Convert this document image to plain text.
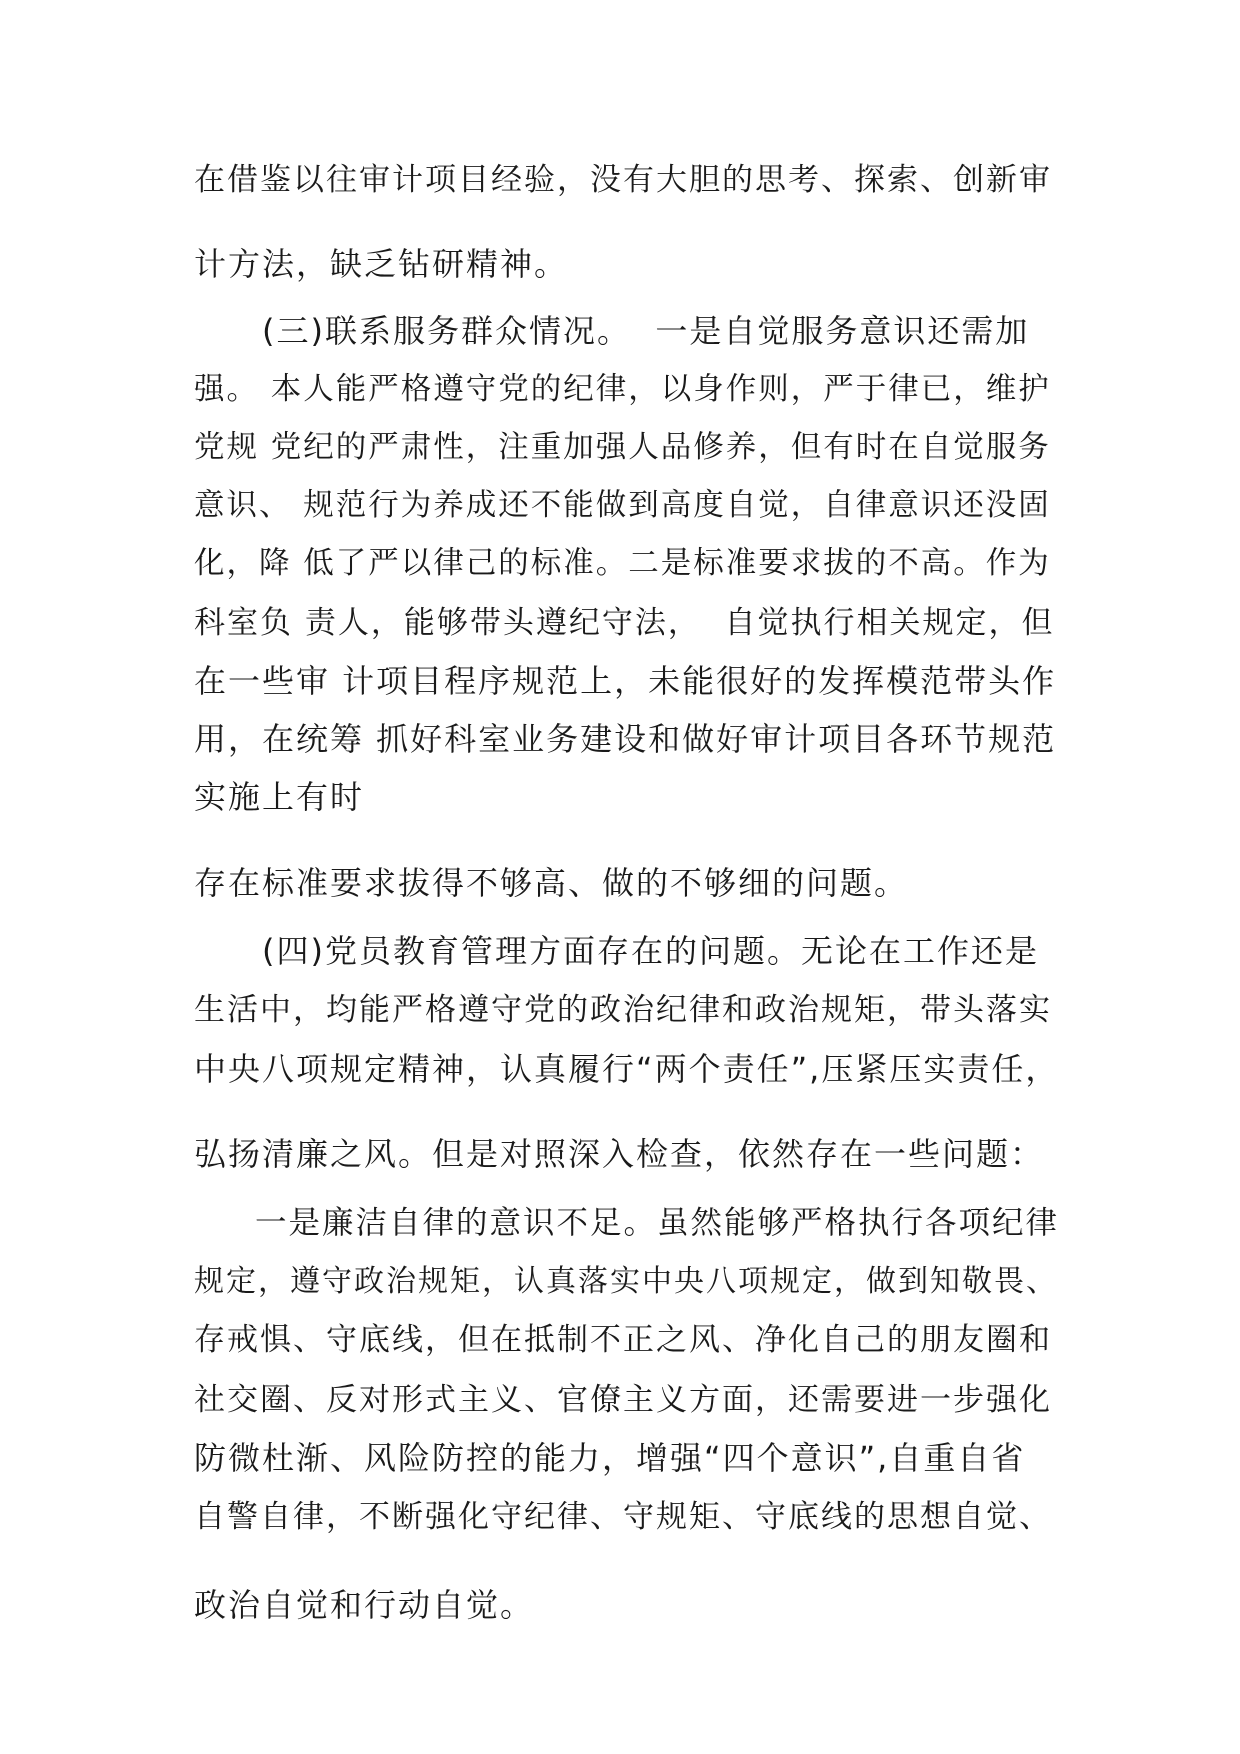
在借鉴以往审计项目经验，没有大胆的思考、探索、创新审
计方法，缺乏钻研精神。
(三)联系服务群众情况。  一是自觉服务意识还需加
强。 本人能严格遵守党的纪律，以身作则，严于律已，维护
党规 党纪的严肃性，注重加强人品修养，但有时在自觉服务
意识、 规范行为养成还不能做到高度自觉，自律意识还没固
化，降 低了严以律己的标准。二是标准要求拔的不高。作为
科室负 责人，能够带头遵纪守法，  自觉执行相关规定，但
在一些审 计项目程序规范上，未能很好的发挥模范带头作
用，在统筹 抓好科室业务建设和做好审计项目各环节规范
实施上有时
存在标准要求拔得不够高、做的不够细的问题。
(四)党员教育管理方面存在的问题。无论在工作还是
生活中，均能严格遵守党的政治纪律和政治规矩，带头落实
中央八项规定精神，认真履行“两个责任”,压紧压实责任，
弘扬清廉之风。但是对照深入检查，依然存在一些问题：
一是廉洁自律的意识不足。虽然能够严格执行各项纪律
规定，遵守政治规矩，认真落实中央八项规定，做到知敬畏、
存戒惧、守底线，但在抵制不正之风、净化自己的朋友圈和
社交圈、反对形式主义、官僚主义方面，还需要进一步强化
防微杜渐、风险防控的能力，增强“四个意识”,自重自省
自警自律，不断强化守纪律、守规矩、守底线的思想自觉、
政治自觉和行动自觉。
